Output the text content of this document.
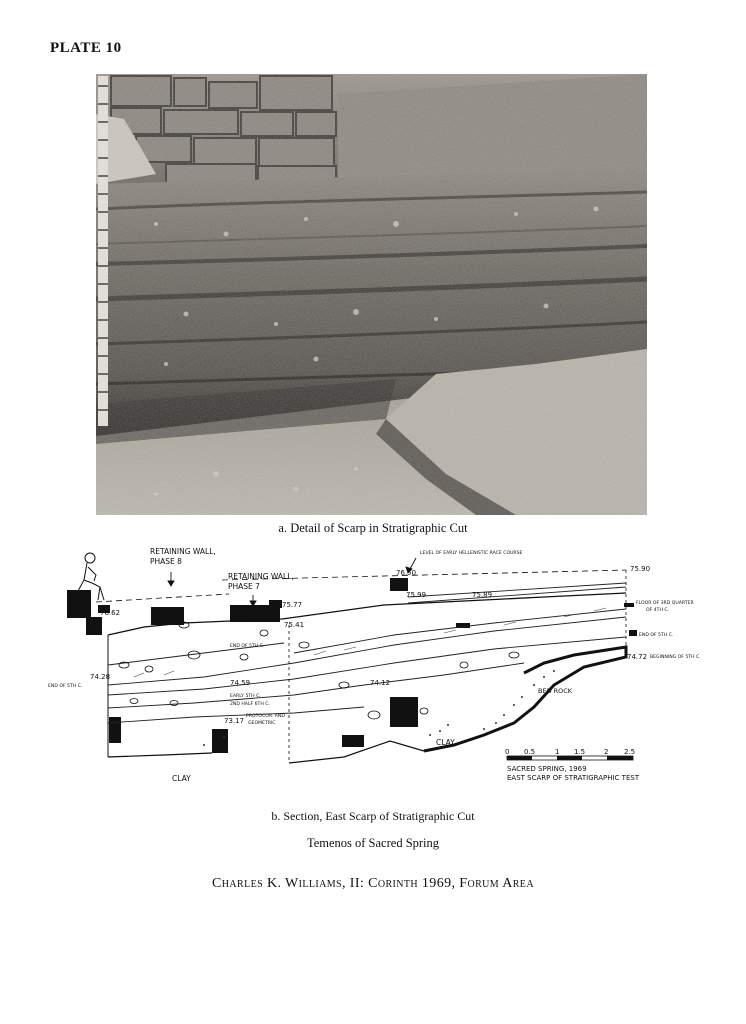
PLATE 10
a. Detail of Scarp in Stratigraphic Cut
RETAINING WALL,
PHASE 8
RETAINING WALL,
PHASE 7
LEVEL OF EARLY HELLENISTIC RACE COURSE
FLOOR OF 3RD QUARTER
OF 4TH C.
END OF 5TH C.
BEGINNING OF 5TH C.
END OF 5TH C.
END OF 5TH C.
EARLY 5TH C.
2ND HALF 6TH C.
PROTOCOR. AND
GEOMETRIC
BED ROCK
CLAY
CLAY
76.50
75.99	75.89
75.90
75.77
75.41
76.62
74.72
74.28
74.59
73.17
74.12
0 0.5	1 1.5	2 2.5
SACRED SPRING, 1969
EAST SCARP OF STRATIGRAPHIC TEST
b. Section, East Scarp of Stratigraphic Cut
Temenos of Sacred Spring
Charles K. Williams, II: Corinth 1969, Forum Area
